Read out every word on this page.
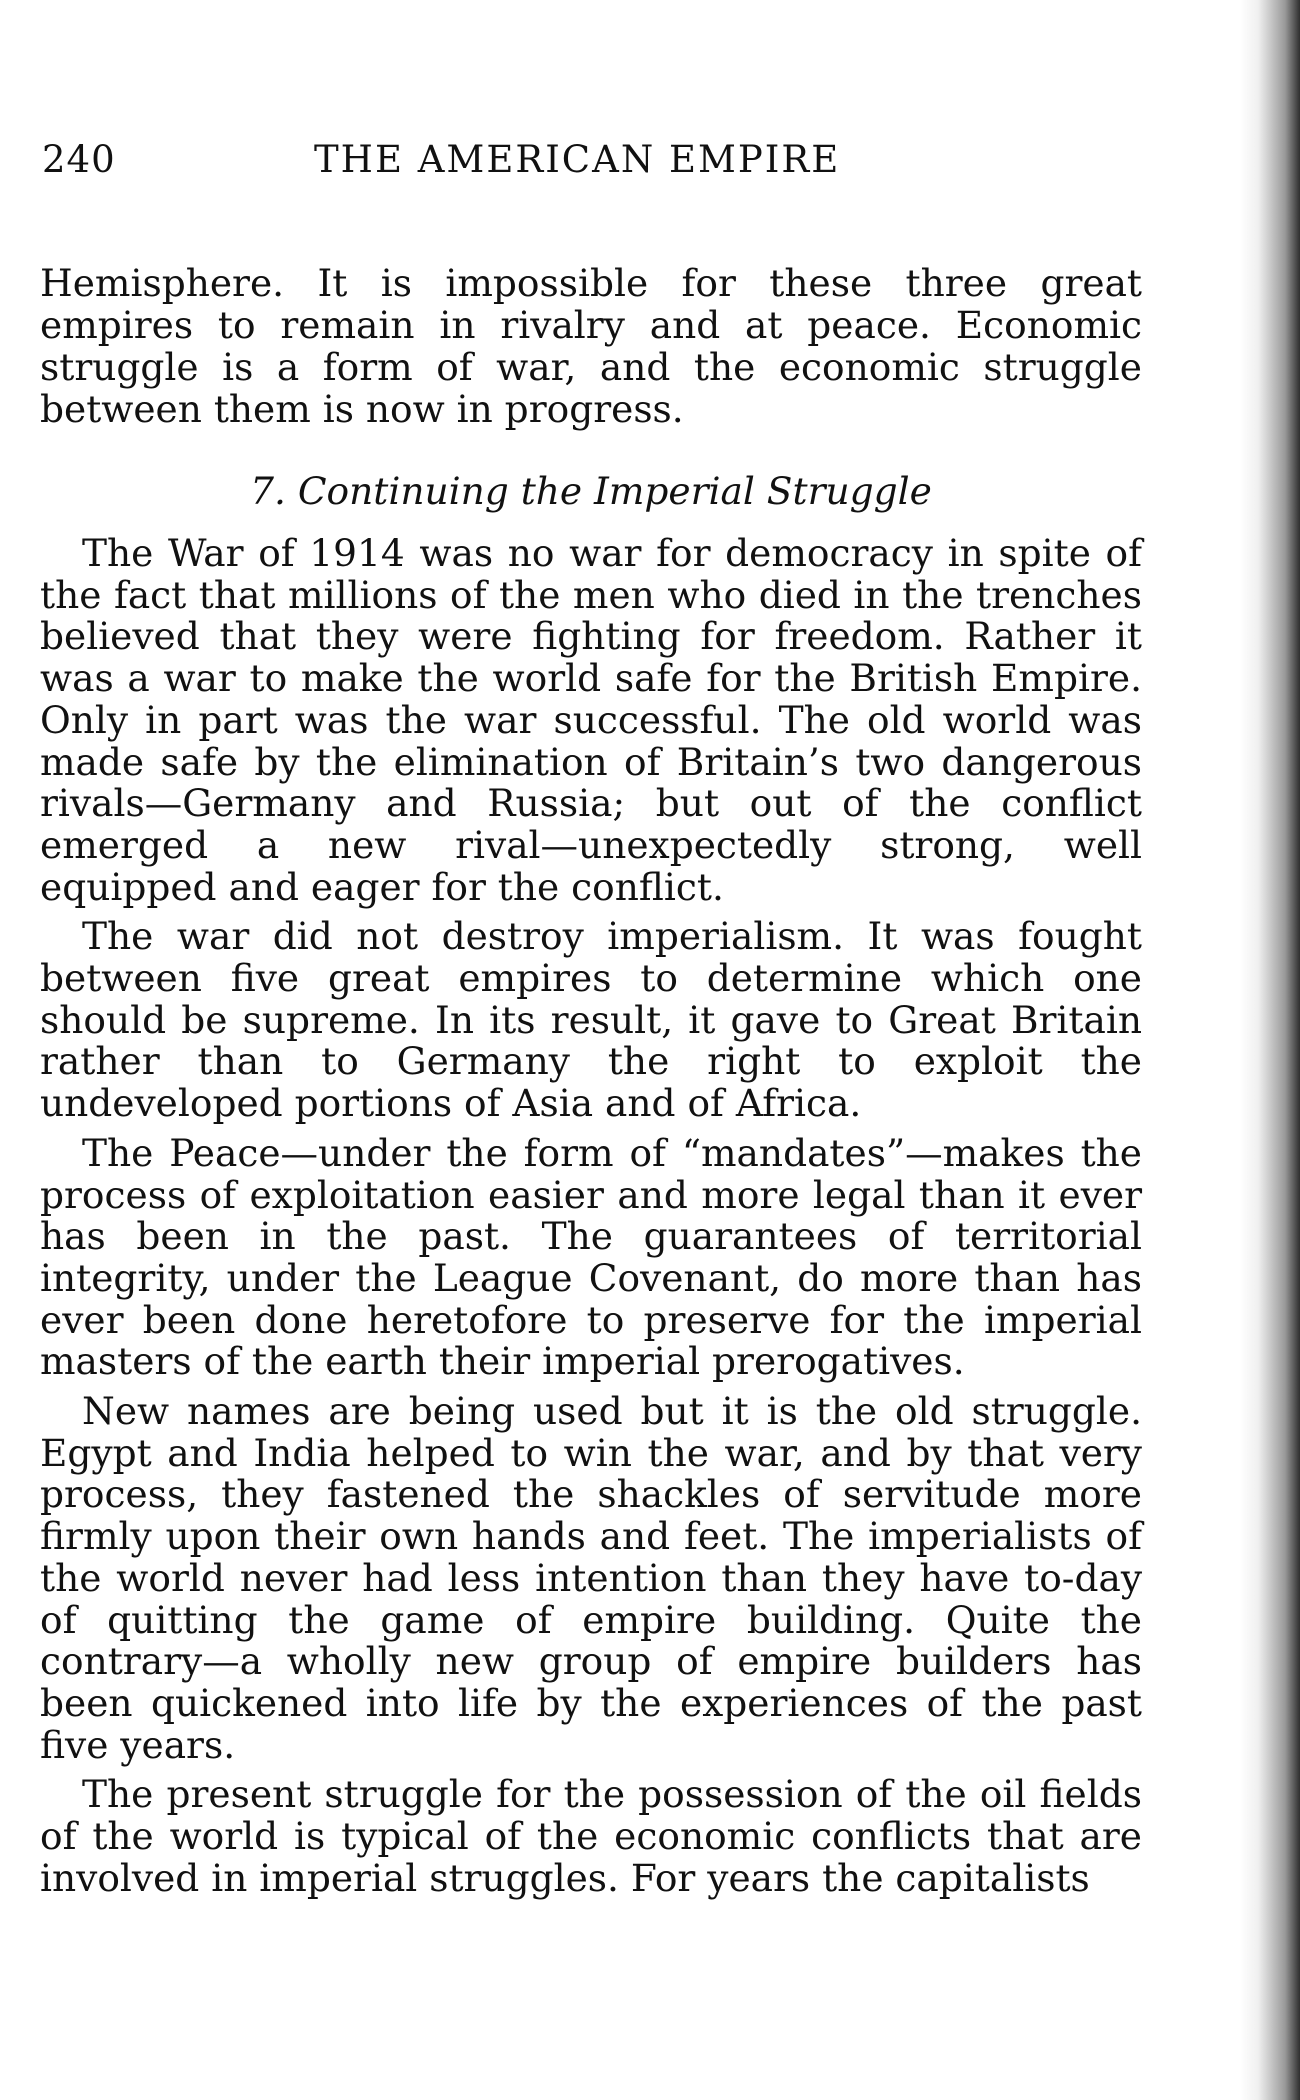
240	THE AMERICAN EMPIRE
Hemisphere. It is impossible for these three great empires to remain in rivalry and at peace. Economic struggle is a form of war, and the economic struggle between them is now in progress.
7. Continuing the Imperial Struggle

The War of 1914 was no war for democracy in spite of the fact that millions of the men who died in the trenches believed that they were fighting for freedom. Rather it was a war to make the world safe for the British Empire. Only in part was the war successful. The old world was made safe by the elimination of Britain’s two dangerous rivals—Germany and Russia; but out of the conflict emerged a new rival—unexpectedly strong, well equipped and eager for the conflict.

The war did not destroy imperialism. It was fought between five great empires to determine which one should be supreme. In its result, it gave to Great Britain rather than to Germany the right to exploit the undeveloped portions of Asia and of Africa.

The Peace—under the form of “mandates”—makes the process of exploitation easier and more legal than it ever has been in the past. The guarantees of territorial integrity, under the League Covenant, do more than has ever been done heretofore to preserve for the imperial masters of the earth their imperial prerogatives.

New names are being used but it is the old struggle. Egypt and India helped to win the war, and by that very process, they fastened the shackles of servitude more firmly upon their own hands and feet. The imperialists of the world never had less intention than they have to-day of quitting the game of empire building. Quite the contrary—a wholly new group of empire builders has been quickened into life by the experiences of the past five years.

The present struggle for the possession of the oil fields of the world is typical of the economic conflicts that are involved in imperial struggles. For years the capitalists
